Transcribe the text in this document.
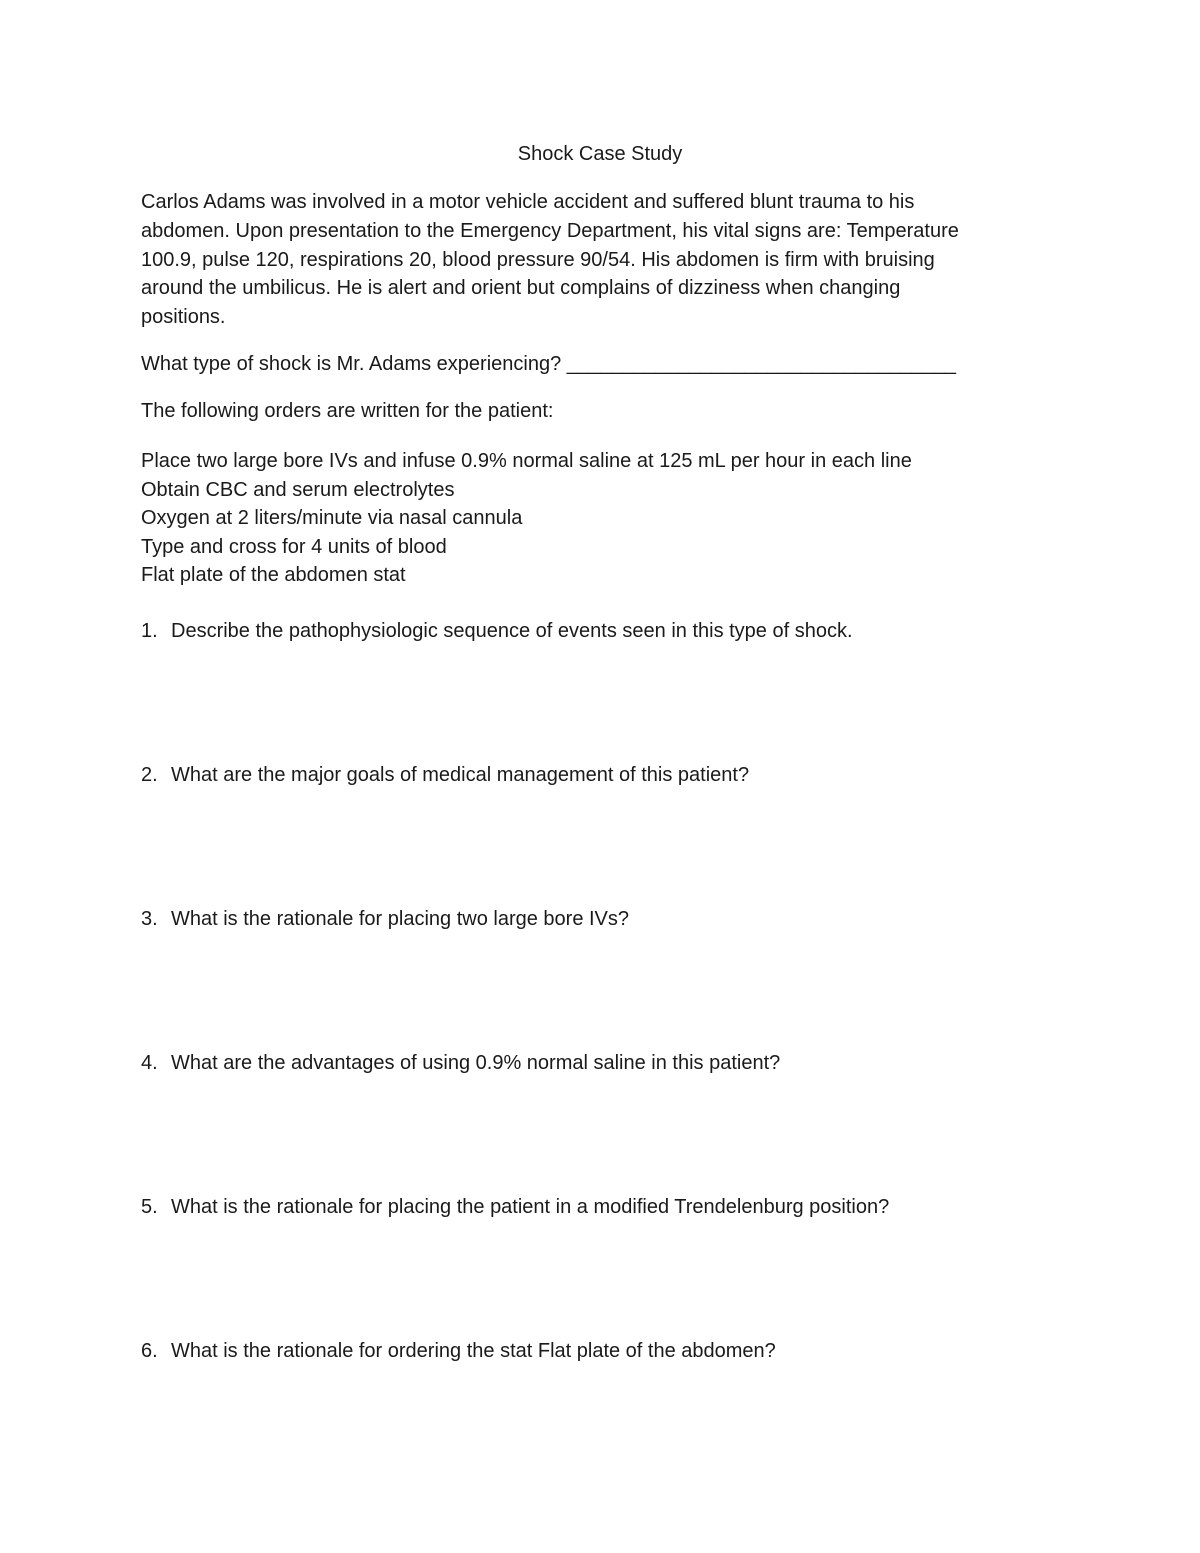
Shock Case Study

Carlos Adams was involved in a motor vehicle accident and suffered blunt trauma to his
abdomen. Upon presentation to the Emergency Department, his vital signs are: Temperature
100.9, pulse 120, respirations 20, blood pressure 90/54. His abdomen is firm with bruising
around the umbilicus. He is alert and orient but complains of dizziness when changing
positions.

What type of shock is Mr. Adams experiencing? ___________________________________
The following orders are written for the patient:
Place two large bore IVs and infuse 0.9% normal saline at 125 mL per hour in each line
Obtain CBC and serum electrolytes
Oxygen at 2 liters/minute via nasal cannula
Type and cross for 4 units of blood
Flat plate of the abdomen stat
1. Describe the pathophysiologic sequence of events seen in this type of shock.
2. What are the major goals of medical management of this patient?
3. What is the rationale for placing two large bore IVs?
4. What are the advantages of using 0.9% normal saline in this patient?
5. What is the rationale for placing the patient in a modified Trendelenburg position?
6. What is the rationale for ordering the stat Flat plate of the abdomen?
